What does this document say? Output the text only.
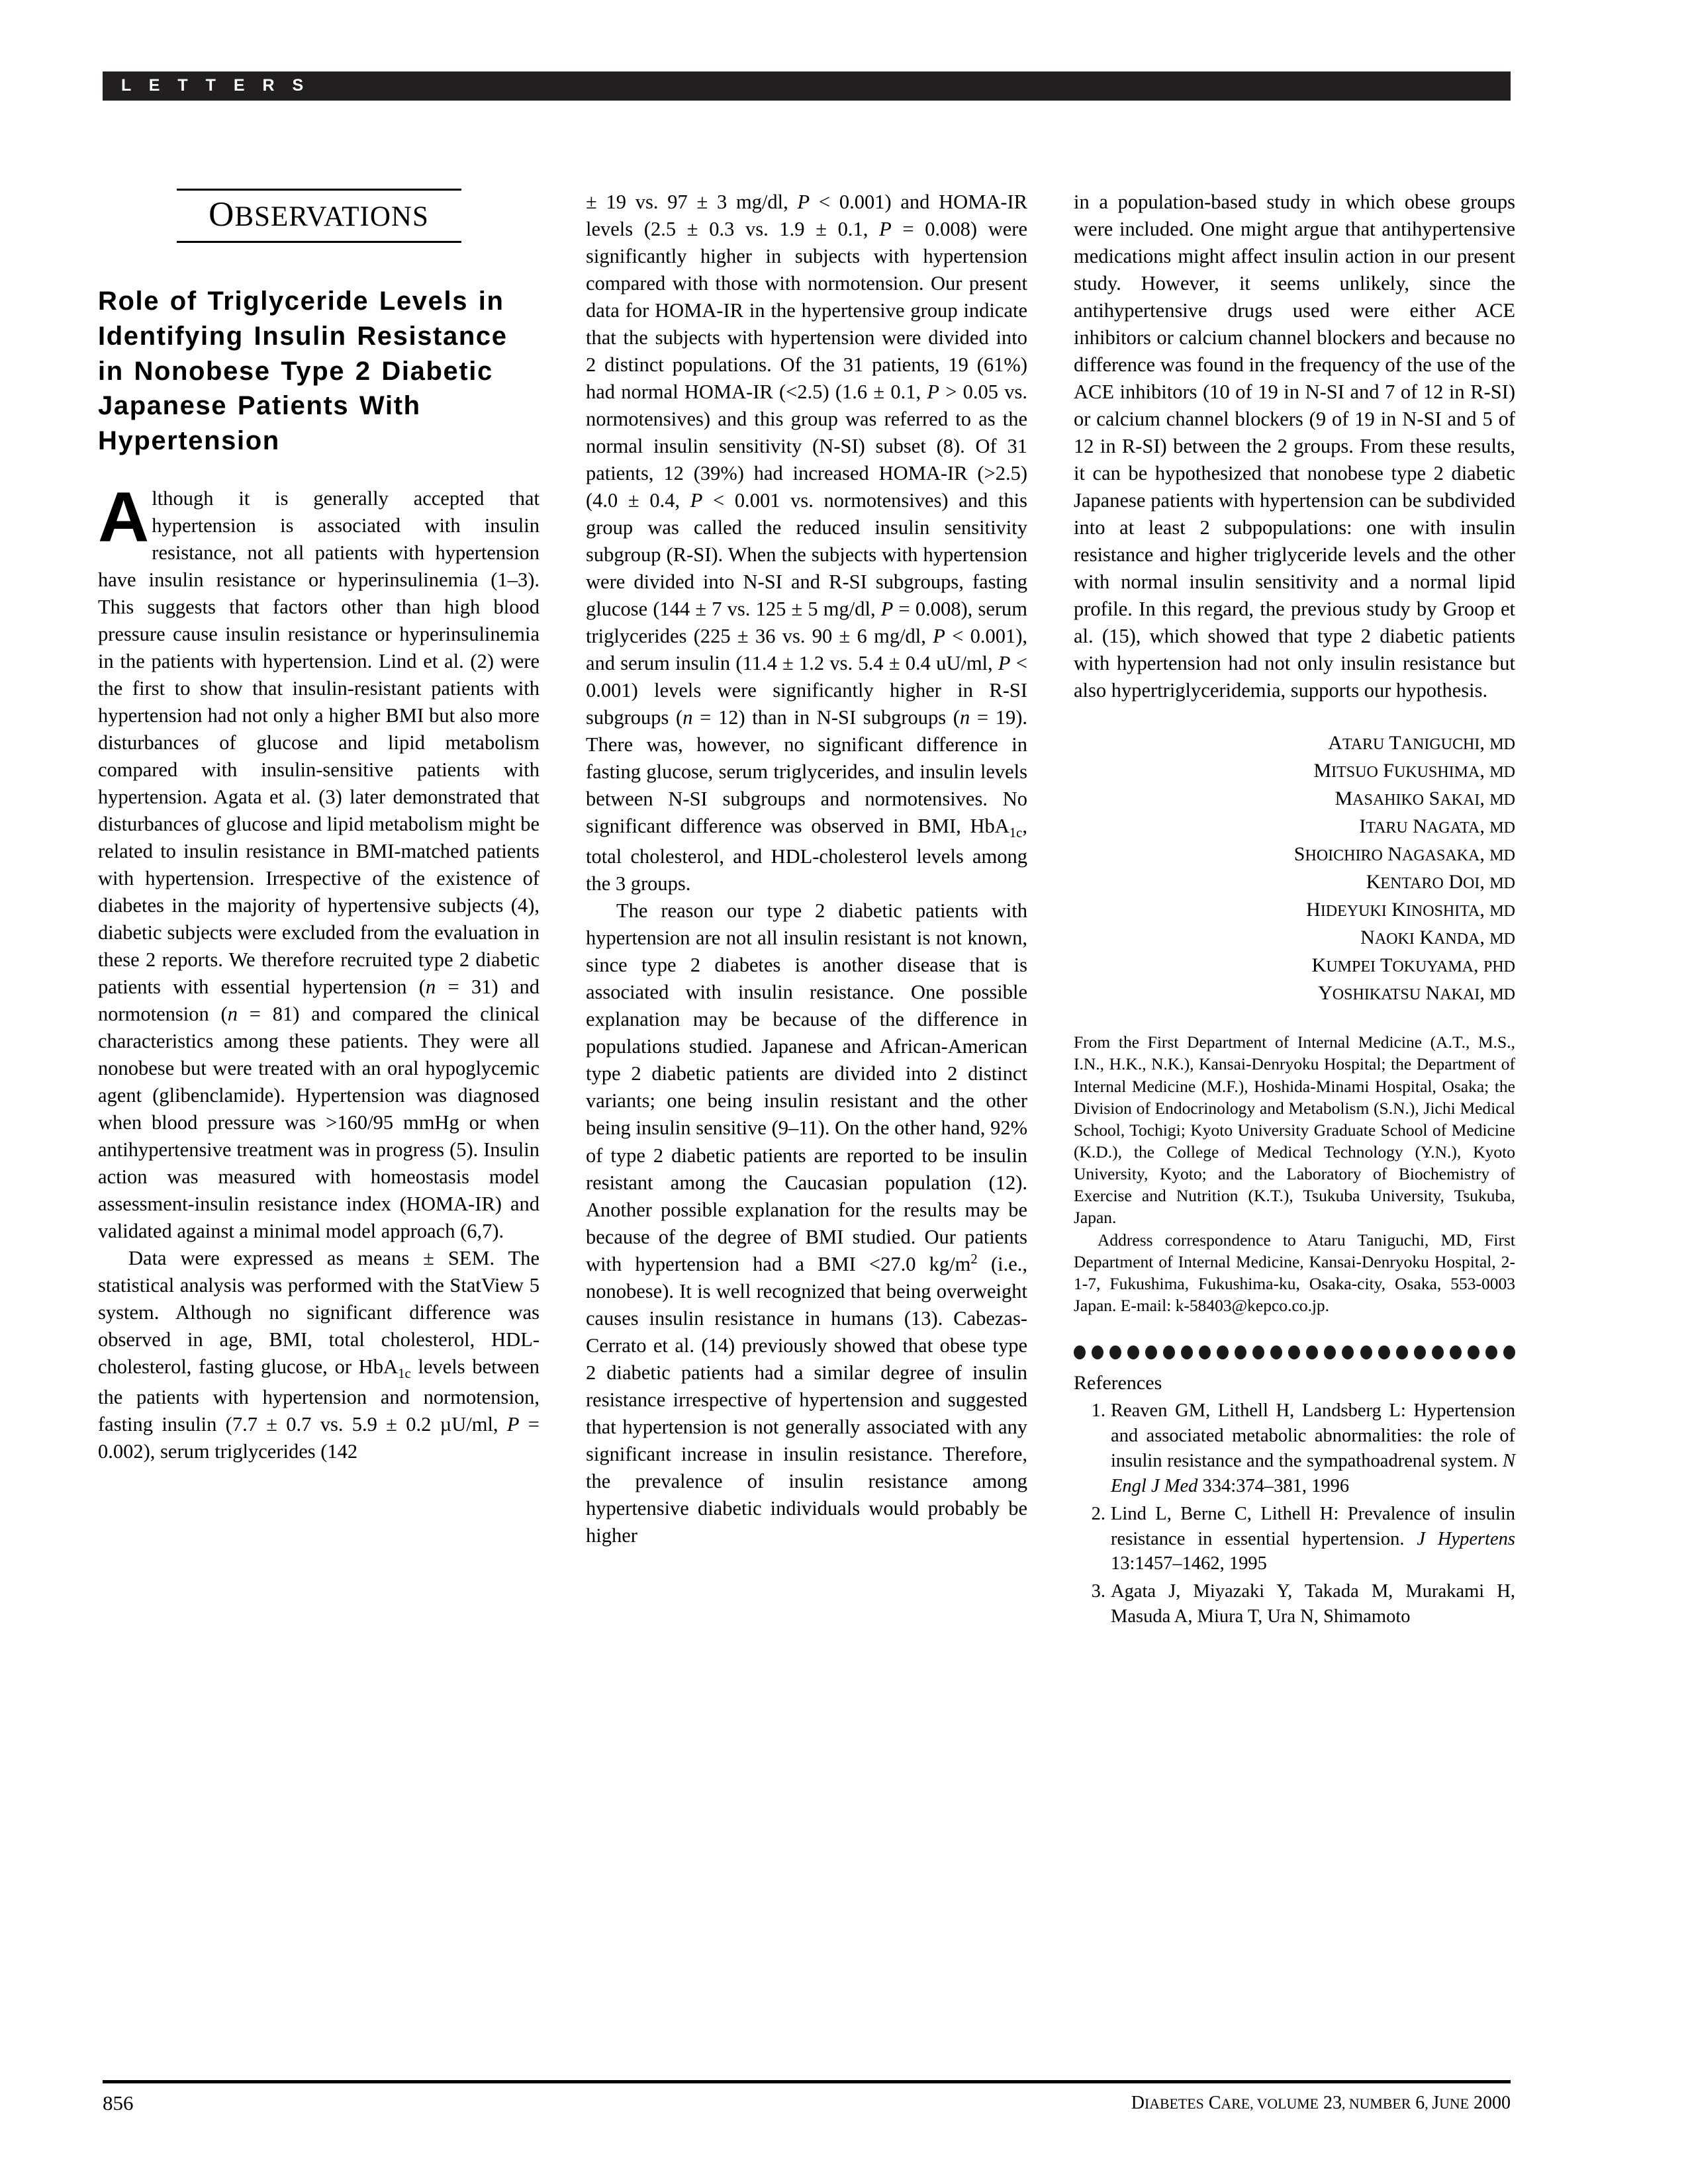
L E T T E R S
OBSERVATIONS
Role of Triglyceride Levels in Identifying Insulin Resistance in Nonobese Type 2 Diabetic Japanese Patients With Hypertension

Although it is generally accepted that hypertension is associated with insulin resistance, not all patients with hypertension have insulin resistance or hyperinsulinemia (1–3). This suggests that factors other than high blood pressure cause insulin resistance or hyperinsulinemia in the patients with hypertension. Lind et al. (2) were the first to show that insulin-resistant patients with hypertension had not only a higher BMI but also more disturbances of glucose and lipid metabolism compared with insulin-sensitive patients with hypertension. Agata et al. (3) later demonstrated that disturbances of glucose and lipid metabolism might be related to insulin resistance in BMI-matched patients with hypertension. Irrespective of the existence of diabetes in the majority of hypertensive subjects (4), diabetic subjects were excluded from the evaluation in these 2 reports. We therefore recruited type 2 diabetic patients with essential hypertension (n = 31) and normotension (n = 81) and compared the clinical characteristics among these patients. They were all nonobese but were treated with an oral hypoglycemic agent (glibenclamide). Hypertension was diagnosed when blood pressure was >160/95 mmHg or when antihypertensive treatment was in progress (5). Insulin action was measured with homeostasis model assessment-insulin resistance index (HOMA-IR) and validated against a minimal model approach (6,7).

Data were expressed as means ± SEM. The statistical analysis was performed with the StatView 5 system. Although no significant difference was observed in age, BMI, total cholesterol, HDL-cholesterol, fasting glucose, or HbA$_{1c}$ levels between the patients with hypertension and normotension, fasting insulin (7.7 ± 0.7 vs. 5.9 ± 0.2 µU/ml, P = 0.002), serum triglycerides (142

± 19 vs. 97 ± 3 mg/dl, P < 0.001) and HOMA-IR levels (2.5 ± 0.3 vs. 1.9 ± 0.1, P = 0.008) were significantly higher in subjects with hypertension compared with those with normotension. Our present data for HOMA-IR in the hypertensive group indicate that the subjects with hypertension were divided into 2 distinct populations. Of the 31 patients, 19 (61%) had normal HOMA-IR (<2.5) (1.6 ± 0.1, P > 0.05 vs. normotensives) and this group was referred to as the normal insulin sensitivity (N-SI) subset (8). Of 31 patients, 12 (39%) had increased HOMA-IR (>2.5) (4.0 ± 0.4, P < 0.001 vs. normotensives) and this group was called the reduced insulin sensitivity subgroup (R-SI). When the subjects with hypertension were divided into N-SI and R-SI subgroups, fasting glucose (144 ± 7 vs. 125 ± 5 mg/dl, P = 0.008), serum triglycerides (225 ± 36 vs. 90 ± 6 mg/dl, P < 0.001), and serum insulin (11.4 ± 1.2 vs. 5.4 ± 0.4 uU/ml, P < 0.001) levels were significantly higher in R-SI subgroups (n = 12) than in N-SI subgroups (n = 19). There was, however, no significant difference in fasting glucose, serum triglycerides, and insulin levels between N-SI subgroups and normotensives. No significant difference was observed in BMI, HbA$_{1c}$, total cholesterol, and HDL-cholesterol levels among the 3 groups.

The reason our type 2 diabetic patients with hypertension are not all insulin resistant is not known, since type 2 diabetes is another disease that is associated with insulin resistance. One possible explanation may be because of the difference in populations studied. Japanese and African-American type 2 diabetic patients are divided into 2 distinct variants; one being insulin resistant and the other being insulin sensitive (9–11). On the other hand, 92% of type 2 diabetic patients are reported to be insulin resistant among the Caucasian population (12). Another possible explanation for the results may be because of the degree of BMI studied. Our patients with hypertension had a BMI <27.0 $kg/m^2$ (i.e., nonobese). It is well recognized that being overweight causes insulin resistance in humans (13). Cabezas-Cerrato et al. (14) previously showed that obese type 2 diabetic patients had a similar degree of insulin resistance irrespective of hypertension and suggested that hypertension is not generally associated with any significant increase in insulin resistance. Therefore, the prevalence of insulin resistance among hypertensive diabetic individuals would probably be higher

in a population-based study in which obese groups were included. One might argue that antihypertensive medications might affect insulin action in our present study. However, it seems unlikely, since the antihypertensive drugs used were either ACE inhibitors or calcium channel blockers and because no difference was found in the frequency of the use of the ACE inhibitors (10 of 19 in N-SI and 7 of 12 in R-SI) or calcium channel blockers (9 of 19 in N-SI and 5 of 12 in R-SI) between the 2 groups. From these results, it can be hypothesized that nonobese type 2 diabetic Japanese patients with hypertension can be subdivided into at least 2 subpopulations: one with insulin resistance and higher triglyceride levels and the other with normal insulin sensitivity and a normal lipid profile. In this regard, the previous study by Groop et al. (15), which showed that type 2 diabetic patients with hypertension had not only insulin resistance but also hypertriglyceridemia, supports our hypothesis.

ATARU TANIGUCHI, MD
MITSUO FUKUSHIMA, MD
MASAHIKO SAKAI, MD
ITARU NAGATA, MD
SHOICHIRO NAGASAKA, MD
KENTARO DOI, MD
HIDEYUKI KINOSHITA, MD
NAOKI KANDA, MD
KUMPEI TOKUYAMA, PHD
YOSHIKATSU NAKAI, MD

From the First Department of Internal Medicine (A.T., M.S., I.N., H.K., N.K.), Kansai-Denryoku Hospital; the Department of Internal Medicine (M.F.), Hoshida-Minami Hospital, Osaka; the Division of Endocrinology and Metabolism (S.N.), Jichi Medical School, Tochigi; Kyoto University Graduate School of Medicine (K.D.), the College of Medical Technology (Y.N.), Kyoto University, Kyoto; and the Laboratory of Biochemistry of Exercise and Nutrition (K.T.), Tsukuba University, Tsukuba, Japan.

Address correspondence to Ataru Taniguchi, MD, First Department of Internal Medicine, Kansai-Denryoku Hospital, 2-1-7, Fukushima, Fukushima-ku, Osaka-city, Osaka, 553-0003 Japan. E-mail: k-58403@kepco.co.jp.

References
1. Reaven GM, Lithell H, Landsberg L: Hypertension and associated metabolic abnormalities: the role of insulin resistance and the sympathoadrenal system. N Engl J Med 334:374–381, 1996
2. Lind L, Berne C, Lithell H: Prevalence of insulin resistance in essential hypertension. J Hypertens 13:1457–1462, 1995
3. Agata J, Miyazaki Y, Takada M, Murakami H, Masuda A, Miura T, Ura N, Shimamoto
856	DIABETES CARE, VOLUME 23, NUMBER 6, JUNE 2000
